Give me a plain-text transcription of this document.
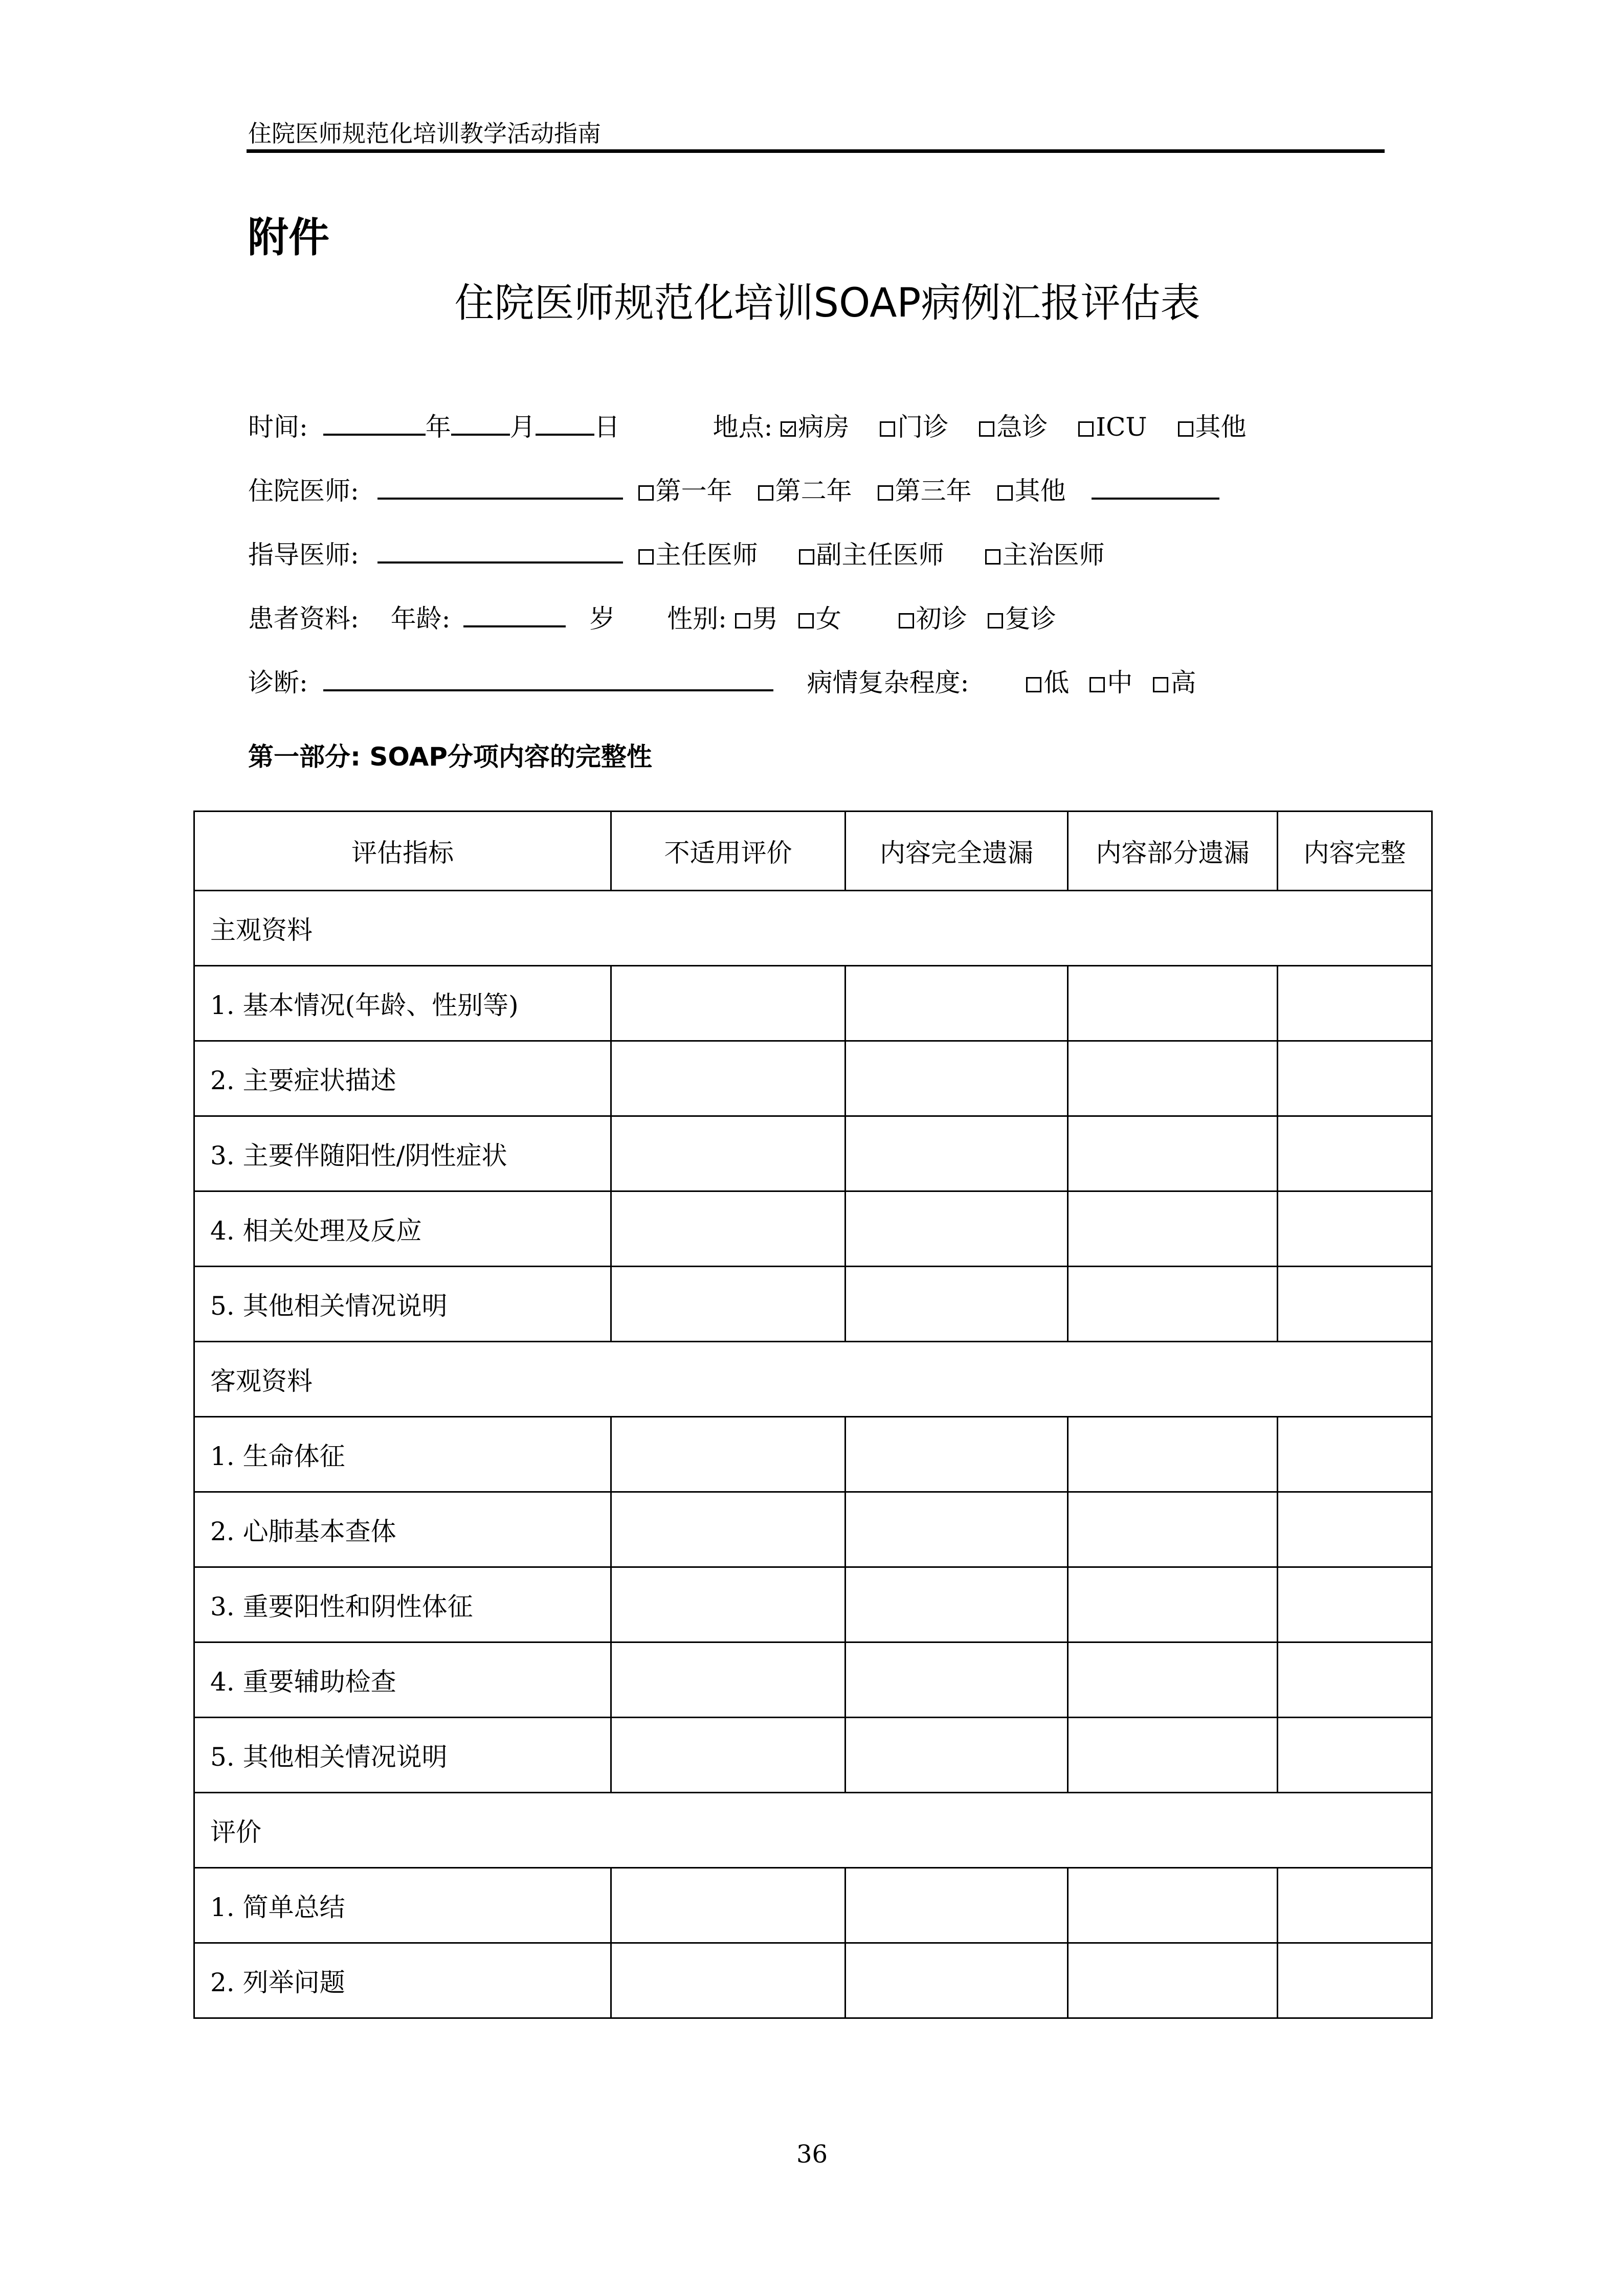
住院医师规范化培训教学活动指南
附件
住院医师规范化培训SOAP病例汇报评估表
时间:	年 月 日	地点: 病房 门诊 急诊 ICU 其他
住院医师:	第一年 第二年 第三年 其他
指导医师:	主任医师 副主任医师 主治医师
患者资料: 年龄:	岁 性别: 男 女	初诊 复诊
诊断:	病情复杂程度:	低 中 高
第一部分: SOAP分项内容的完整性
评估指标	不适用评价	内容完全遗漏	内容部分遗漏	内容完整
主观资料				
1. 基本情况(年龄、性别等)				
2. 主要症状描述				
3. 主要伴随阳性/阴性症状				
4. 相关处理及反应				
5. 其他相关情况说明				
客观资料				
1. 生命体征				
2. 心肺基本查体				
3. 重要阳性和阴性体征				
4. 重要辅助检查				
5. 其他相关情况说明				
评价				
1. 简单总结				
2. 列举问题				
36
